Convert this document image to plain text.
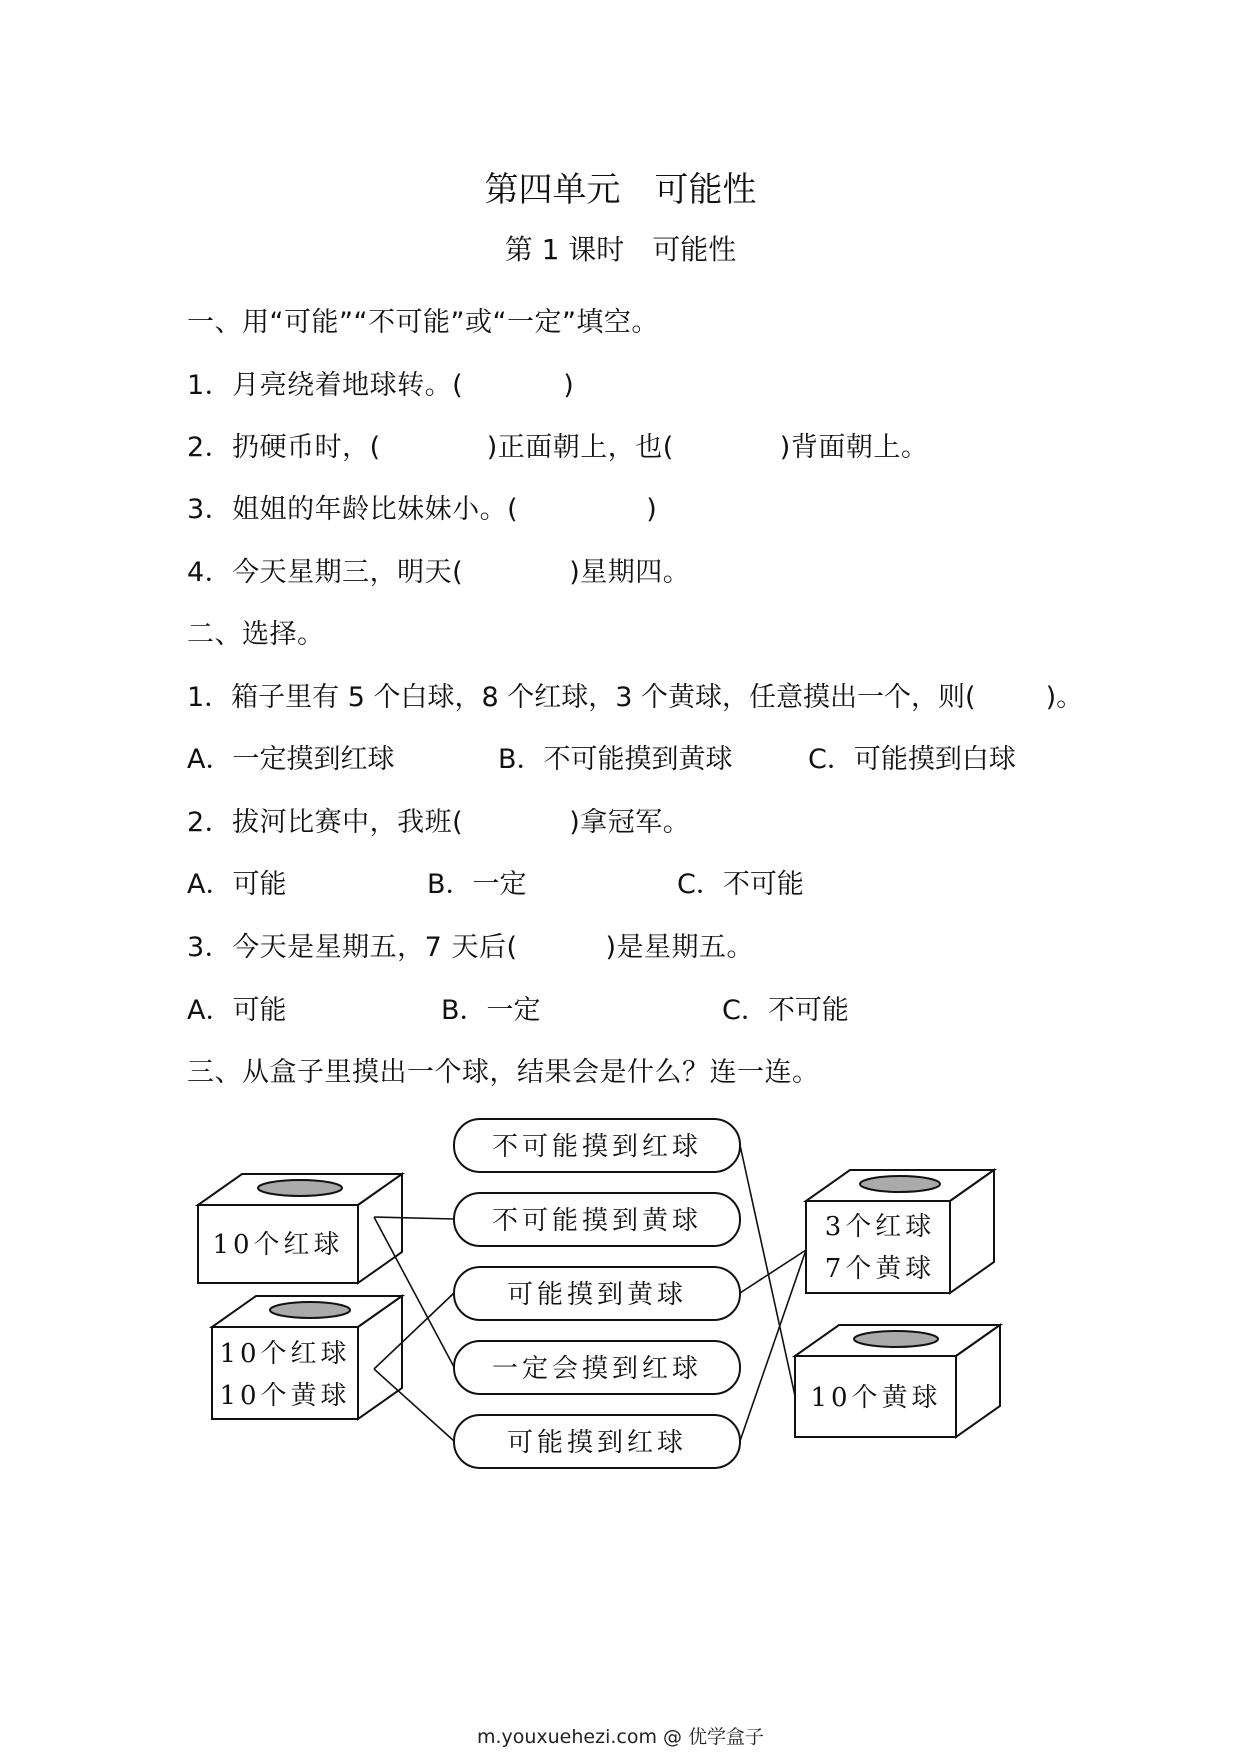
第四单元　可能性
第 1 课时　可能性
一、用“可能”“不可能”或“一定”填空。
1．月亮绕着地球转。(	)
2．扔硬币时，(	)正面朝上，也(	)背面朝上。
3．姐姐的年龄比妹妹小。(	)
4．今天星期三，明天(	)星期四。
二、选择。
1．箱子里有 5 个白球，8 个红球，3 个黄球，任意摸出一个，则(	)。
A．一定摸到红球	B．不可能摸到黄球	C．可能摸到白球
2．拔河比赛中，我班(	)拿冠军。
A．可能	B．一定	C．不可能
3．今天是星期五，7 天后(	)是星期五。
A．可能	B．一定	C．不可能
三、从盒子里摸出一个球，结果会是什么？连一连。
10个红球
10个红球
10个黄球
3个红球
7个黄球
10个黄球
不可能摸到红球
不可能摸到黄球
可能摸到黄球
一定会摸到红球
可能摸到红球
m.youxuehezi.com @ 优学盒子
